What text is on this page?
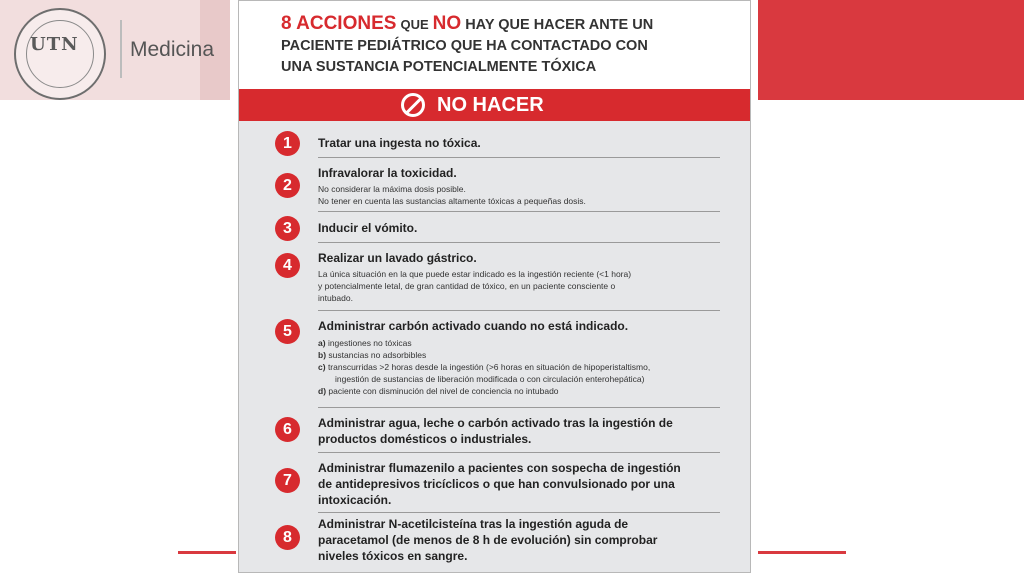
UTN Medicina
8 ACCIONES QUE NO HAY QUE HACER ANTE UN
PACIENTE PEDIÁTRICO QUE HA CONTACTADO CON
UNA SUSTANCIA POTENCIALMENTE TÓXICA
NO HACER
1	Tratar una ingesta no tóxica.
2
Infravalorar la toxicidad.
No considerar la máxima dosis posible.
No tener en cuenta las sustancias altamente tóxicas a pequeñas dosis.
3	Inducir el vómito.
4	Realizar un lavado gástrico.
La única situación en la que puede estar indicado es la ingestión reciente (<1 hora)
y potencialmente letal, de gran cantidad de tóxico, en un paciente consciente o
intubado.
5	Administrar carbón activado cuando no está indicado.
a) ingestiones no tóxicas
b) sustancias no adsorbibles
c) transcurridas >2 horas desde la ingestión (>6 horas en situación de hipoperistaltismo,
ingestión de sustancias de liberación modificada o con circulación enterohepática)
d) paciente con disminución del nivel de conciencia no intubado
6	Administrar agua, leche o carbón activado tras la ingestión de
productos domésticos o industriales.
7
Administrar flumazenilo a pacientes con sospecha de ingestión
de antidepresivos tricíclicos o que han convulsionado por una
intoxicación.
8
Administrar N-acetilcisteína tras la ingestión aguda de
paracetamol (de menos de 8 h de evolución) sin comprobar
niveles tóxicos en sangre.
